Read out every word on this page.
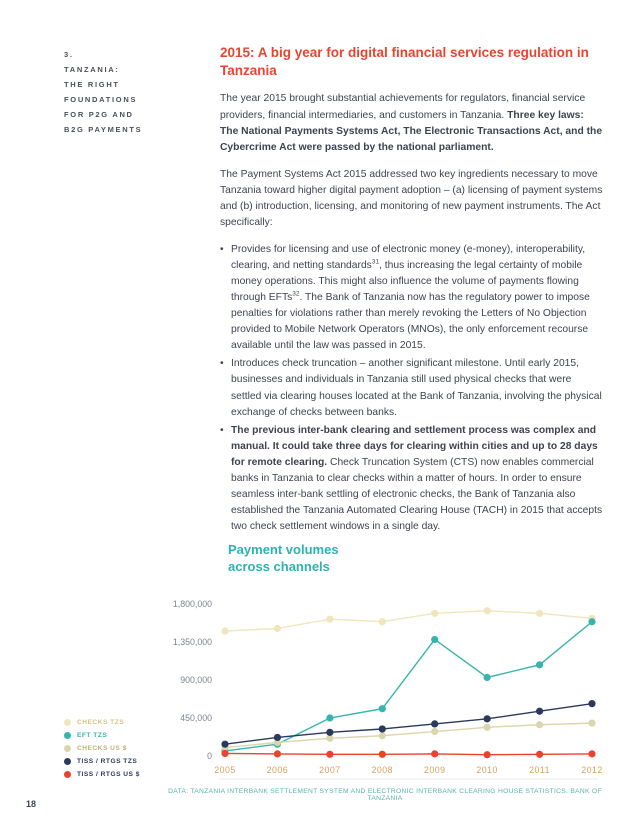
3.
TANZANIA:
THE RIGHT
FOUNDATIONS
FOR P2G AND
B2G PAYMENTS
2015: A big year for digital financial services regulation in Tanzania

The year 2015 brought substantial achievements for regulators, financial service providers, financial intermediaries, and customers in Tanzania. Three key laws: The National Payments Systems Act, The Electronic Transactions Act, and the Cybercrime Act were passed by the national parliament.

The Payment Systems Act 2015 addressed two key ingredients necessary to move Tanzania toward higher digital payment adoption – (a) licensing of payment systems and (b) introduction, licensing, and monitoring of new payment instruments. The Act specifically:

• Provides for licensing and use of electronic money (e-money), interoperability, clearing, and netting standards$^{31}$, thus increasing the legal certainty of mobile money operations. This might also influence the volume of payments flowing through EFTs$^{32}$. The Bank of Tanzania now has the regulatory power to impose penalties for violations rather than merely revoking the Letters of No Objection provided to Mobile Network Operators (MNOs), the only enforcement recourse available until the law was passed in 2015.
• Introduces check truncation – another significant milestone. Until early 2015, businesses and individuals in Tanzania still used physical checks that were settled via clearing houses located at the Bank of Tanzania, involving the physical exchange of checks between banks.
• The previous inter-bank clearing and settlement process was complex and manual. It could take three days for clearing within cities and up to 28 days for remote clearing. Check Truncation System (CTS) now enables commercial banks in Tanzania to clear checks within a matter of hours. In order to ensure seamless inter-bank settling of electronic checks, the Bank of Tanzania also established the Tanzania Automated Clearing House (TACH) in 2015 that accepts two check settlement windows in a single day.
Payment volumes
across channels
CHECKS TZS
EFT TZS
CHECKS US $
TISS / RTGS TZS
TISS / RTGS US $
0
450,000
900,000
1,350,000
1,800,000
2005	2006	2007	2008	2009	2010	2011	2012
DATA: TANZANIA INTERBANK SETTLEMENT SYSTEM AND ELECTRONIC INTERBANK CLEARING HOUSE STATISTICS. BANK OF TANZANIA
18
